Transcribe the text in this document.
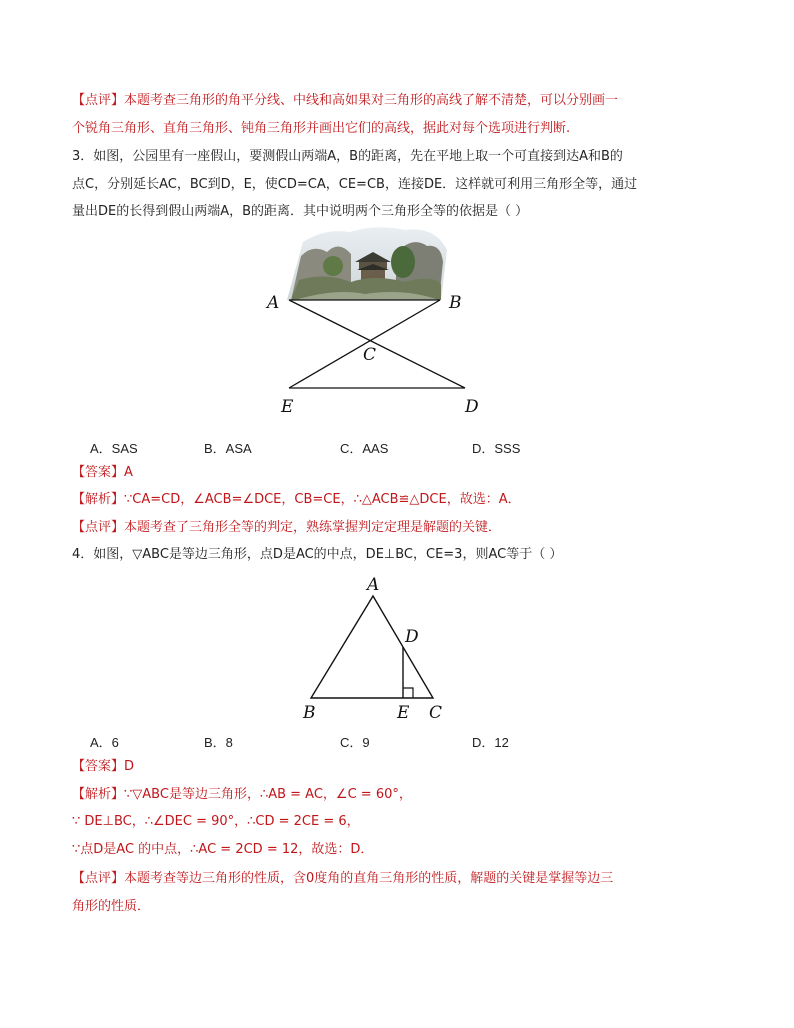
【点评】本题考查三角形的角平分线、中线和高如果对三角形的高线了解不清楚，可以分别画一
个锐角三角形、直角三角形、钝角三角形并画出它们的高线，据此对每个选项进行判断.
3．如图，公园里有一座假山，要测假山两端A，B的距离，先在平地上取一个可直接到达A和B的
点C，分别延长AC，BC到D，E，使CD=CA，CE=CB，连接DE．这样就可利用三角形全等，通过
量出DE的长得到假山两端A，B的距离．其中说明两个三角形全等的依据是（ ）
A	B
C
E	D
A．SAS	B．ASA	C．AAS	D．SSS
【答案】A
【解析】∵CA=CD，∠ACB=∠DCE，CB=CE，∴△ACB≌△DCE，故选：A．
【点评】本题考查了三角形全等的判定，熟练掌握判定定理是解题的关键．
4．如图，▽ABC是等边三角形，点D是AC的中点，DE⊥BC，CE=3，则AC等于（ ）
A
D
B	E C
A．6	B．8	C．9	D．12
【答案】D
【解析】∵▽ABC是等边三角形，∴AB = AC，∠C = 60°，
∵ DE⊥BC，∴∠DEC = 90°，∴CD = 2CE = 6，
∵点D是AC 的中点，∴AC = 2CD = 12，故选：D．
【点评】本题考查等边三角形的性质，含0度角的直角三角形的性质，解题的关键是掌握等边三
角形的性质．
